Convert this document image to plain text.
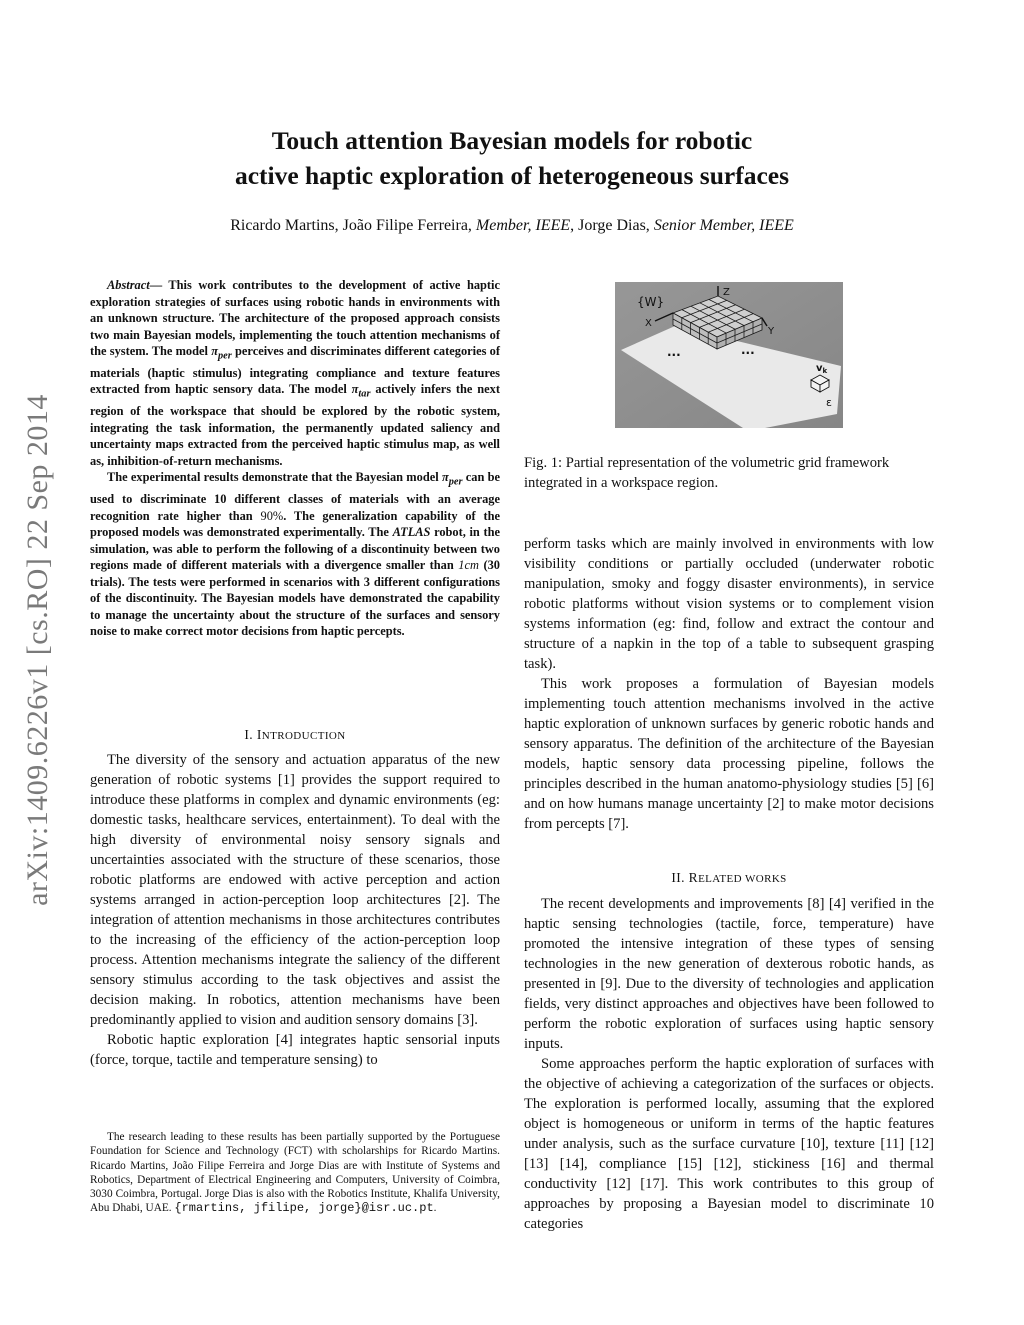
arXiv:1409.6226v1 [cs.RO] 22 Sep 2014
Touch attention Bayesian models for robotic
active haptic exploration of heterogeneous surfaces
Ricardo Martins, João Filipe Ferreira, Member, IEEE, Jorge Dias, Senior Member, IEEE

Abstract— This work contributes to the development of active haptic exploration strategies of surfaces using robotic hands in environments with an unknown structure. The architecture of the proposed approach consists two main Bayesian models, implementing the touch attention mechanisms of the system. The model $\pi_{per}$ perceives and discriminates different categories of materials (haptic stimulus) integrating compliance and texture features extracted from haptic sensory data. The model $\pi_{tar}$ actively infers the next region of the workspace that should be explored by the robotic system, integrating the task information, the permanently updated saliency and uncertainty maps extracted from the perceived haptic stimulus map, as well as, inhibition-of-return mechanisms.

The experimental results demonstrate that the Bayesian model $\pi_{per}$ can be used to discriminate 10 different classes of materials with an average recognition rate higher than 90%. The generalization capability of the proposed models was demonstrated experimentally. The ATLAS robot, in the simulation, was able to perform the following of a discontinuity between two regions made of different materials with a divergence smaller than 1cm (30 trials). The tests were performed in scenarios with 3 different configurations of the discontinuity. The Bayesian models have demonstrated the capability to manage the uncertainty about the structure of the surfaces and sensory noise to make correct motor decisions from haptic percepts.

I. INTRODUCTION

The diversity of the sensory and actuation apparatus of the new generation of robotic systems [1] provides the support required to introduce these platforms in complex and dynamic environments (eg: domestic tasks, healthcare services, entertainment). To deal with the high diversity of environmental noisy sensory signals and uncertainties associated with the structure of these scenarios, those robotic platforms are endowed with active perception and action systems arranged in action-perception loop architectures [2]. The integration of attention mechanisms in those architectures contributes to the increasing of the efficiency of the action-perception loop process. Attention mechanisms integrate the saliency of the different sensory stimulus according to the task objectives and assist the decision making. In robotics, attention mechanisms have been predominantly applied to vision and audition sensory domains [3].

Robotic haptic exploration [4] integrates haptic sensorial inputs (force, torque, tactile and temperature sensing) to

The research leading to these results has been partially supported by the Portuguese Foundation for Science and Technology (FCT) with scholarships for Ricardo Martins. Ricardo Martins, João Filipe Ferreira and Jorge Dias are with Institute of Systems and Robotics, Department of Electrical Engineering and Computers, University of Coimbra, 3030 Coimbra, Portugal. Jorge Dias is also with the Robotics Institute, Khalifa University, Abu Dhabi, UAE. {rmartins, jfilipe, jorge}@isr.uc.pt.

{W}
Z
X
Y
...	...
$v_k$
ε
Fig. 1: Partial representation of the volumetric grid framework integrated in a workspace region.

perform tasks which are mainly involved in environments with low visibility conditions or partially occluded (underwater robotic manipulation, smoky and foggy disaster environments), in service robotic platforms without vision systems or to complement vision systems information (eg: find, follow and extract the contour and structure of a napkin in the top of a table to subsequent grasping task).

This work proposes a formulation of Bayesian models implementing touch attention mechanisms involved in the active haptic exploration of unknown surfaces by generic robotic hands and sensory apparatus. The definition of the architecture of the Bayesian models, haptic sensory data processing pipeline, follows the principles described in the human anatomo-physiology studies [5] [6] and on how humans manage uncertainty [2] to make motor decisions from percepts [7].

II. RELATED WORKS

The recent developments and improvements [8] [4] verified in the haptic sensing technologies (tactile, force, temperature) have promoted the intensive integration of these types of sensing technologies in the new generation of dexterous robotic hands, as presented in [9]. Due to the diversity of technologies and application fields, very distinct approaches and objectives have been followed to perform the robotic exploration of surfaces using haptic sensory inputs.

Some approaches perform the haptic exploration of surfaces with the objective of achieving a categorization of the surfaces or objects. The exploration is performed locally, assuming that the explored object is homogeneous or uniform in terms of the haptic features under analysis, such as the surface curvature [10], texture [11] [12] [13] [14], compliance [15] [12], stickiness [16] and thermal conductivity [12] [17]. This work contributes to this group of approaches by proposing a Bayesian model to discriminate 10 categories
